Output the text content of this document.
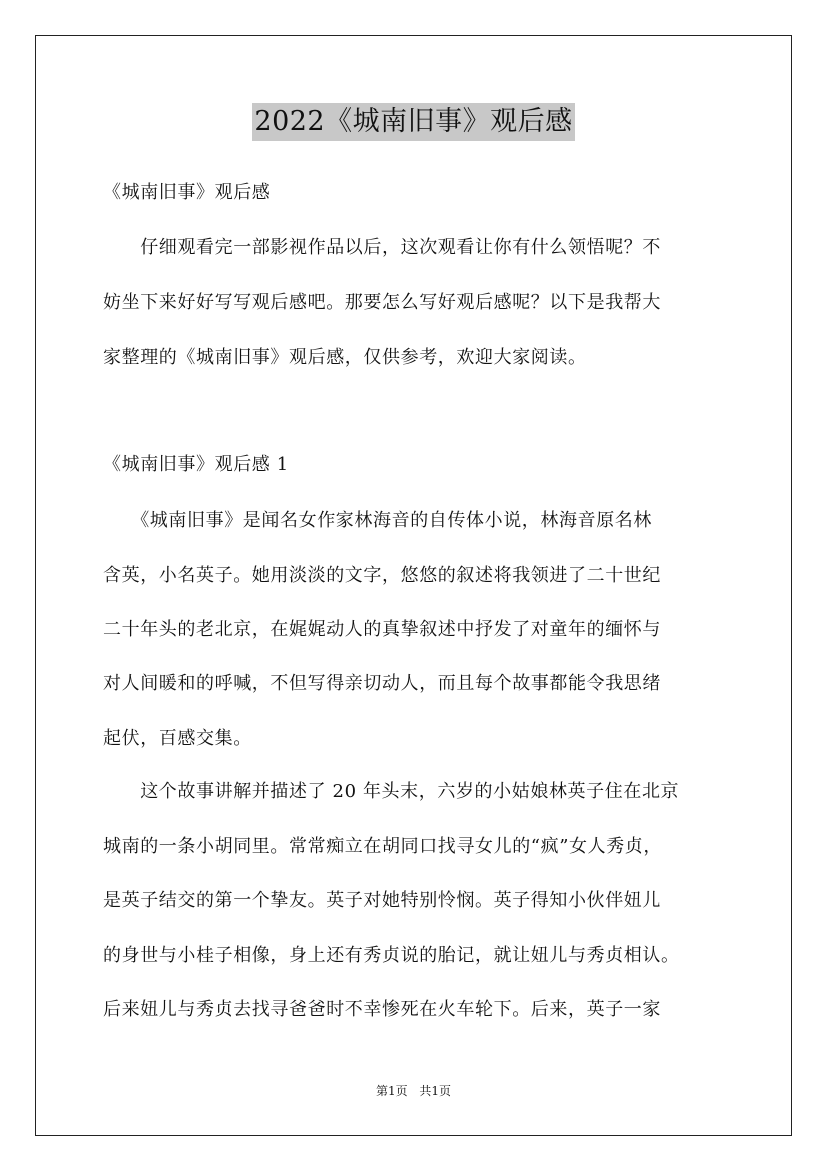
2022《城南旧事》观后感
《城南旧事》观后感
　　仔细观看完一部影视作品以后，这次观看让你有什么领悟呢？不
妨坐下来好好写写观后感吧。那要怎么写好观后感呢？以下是我帮大
家整理的《城南旧事》观后感，仅供参考，欢迎大家阅读。
《城南旧事》观后感 1
　　《城南旧事》是闻名女作家林海音的自传体小说，林海音原名林
含英，小名英子。她用淡淡的文字，悠悠的叙述将我领进了二十世纪
二十年头的老北京，在娓娓动人的真挚叙述中抒发了对童年的缅怀与
对人间暖和的呼喊，不但写得亲切动人，而且每个故事都能令我思绪
起伏，百感交集。
　　这个故事讲解并描述了 20 年头末，六岁的小姑娘林英子住在北京
城南的一条小胡同里。常常痴立在胡同口找寻女儿的“疯”女人秀贞，
是英子结交的第一个挚友。英子对她特别怜悯。英子得知小伙伴妞儿
的身世与小桂子相像，身上还有秀贞说的胎记，就让妞儿与秀贞相认。
后来妞儿与秀贞去找寻爸爸时不幸惨死在火车轮下。后来，英子一家
第1页 共1页
